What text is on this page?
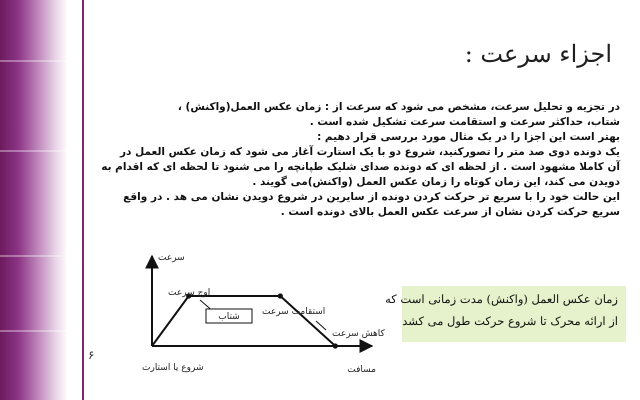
اجزاء سرعت :
در تجزیه و تحلیل سرعت، مشخص می شود که سرعت از : زمان عکس العمل(واکنش) ،
شتاب، حداکثر سرعت و استقامت سرعت تشکیل شده است .
بهتر است این اجزا را در یک مثال مورد بررسی قرار دهیم :
یک دونده دوی صد متر را تصورکنید، شروع دو با یک استارت آغاز می شود که زمان عکس العمل در
آن کاملا مشهود است . از لحظه ای که دونده صدای شلیک طپانچه را می شنود تا لحظه ای که اقدام به
دویدن می کند، این زمان کوتاه را زمان عکس العمل (واکنش)می گویند .
این حالت خود را با سریع تر حرکت کردن دونده از سایرین در شروع دویدن نشان می هد . در واقع
سریع حرکت کردن نشان از سرعت عکس العمل بالای دونده است .
سرعت
مسافت
شروع یا استارت
شتاب
اوج سرعت
استقامت سرعت
کاهش سرعت
زمان عکس العمل (واکنش) مدت زمانی است که
از ارائه محرک تا شروع حرکت طول می کشد
۶
